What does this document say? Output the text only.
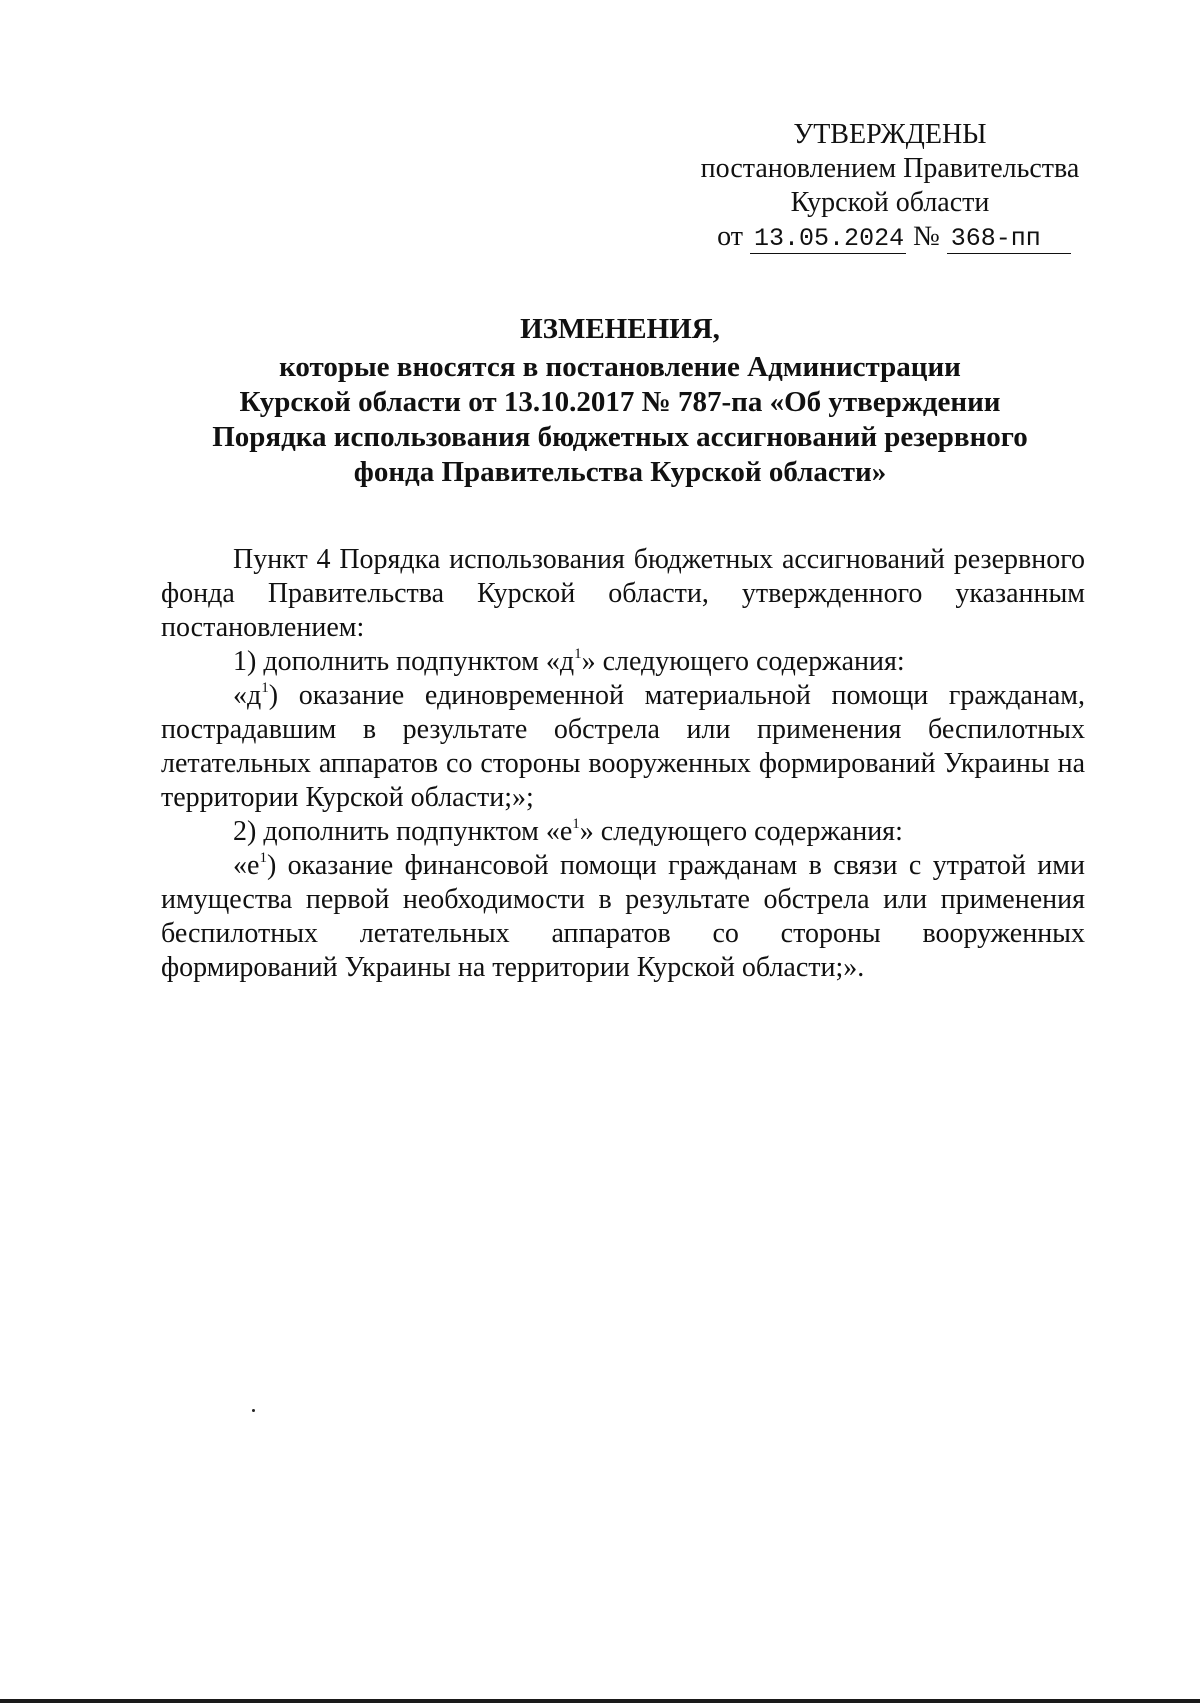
УТВЕРЖДЕНЫ
постановлением Правительства
Курской области
от 13.05.2024 № 368-пп
ИЗМЕНЕНИЯ,
которые вносятся в постановление Администрации
Курской области от 13.10.2017 № 787-па «Об утверждении
Порядка использования бюджетных ассигнований резервного
фонда Правительства Курской области»
Пункт 4 Порядка использования бюджетных ассигнований резервного фонда Правительства Курской области, утвержденного указанным постановлением:
1) дополнить подпунктом «$д^1$» следующего содержания:
«$д^1$) оказание единовременной материальной помощи гражданам, пострадавшим в результате обстрела или применения беспилотных летательных аппаратов со стороны вооруженных формирований Украины на территории Курской области;»;
2) дополнить подпунктом «$е^1$» следующего содержания:
«$е^1$) оказание финансовой помощи гражданам в связи с утратой ими имущества первой необходимости в результате обстрела или применения беспилотных летательных аппаратов со стороны вооруженных формирований Украины на территории Курской области;».
